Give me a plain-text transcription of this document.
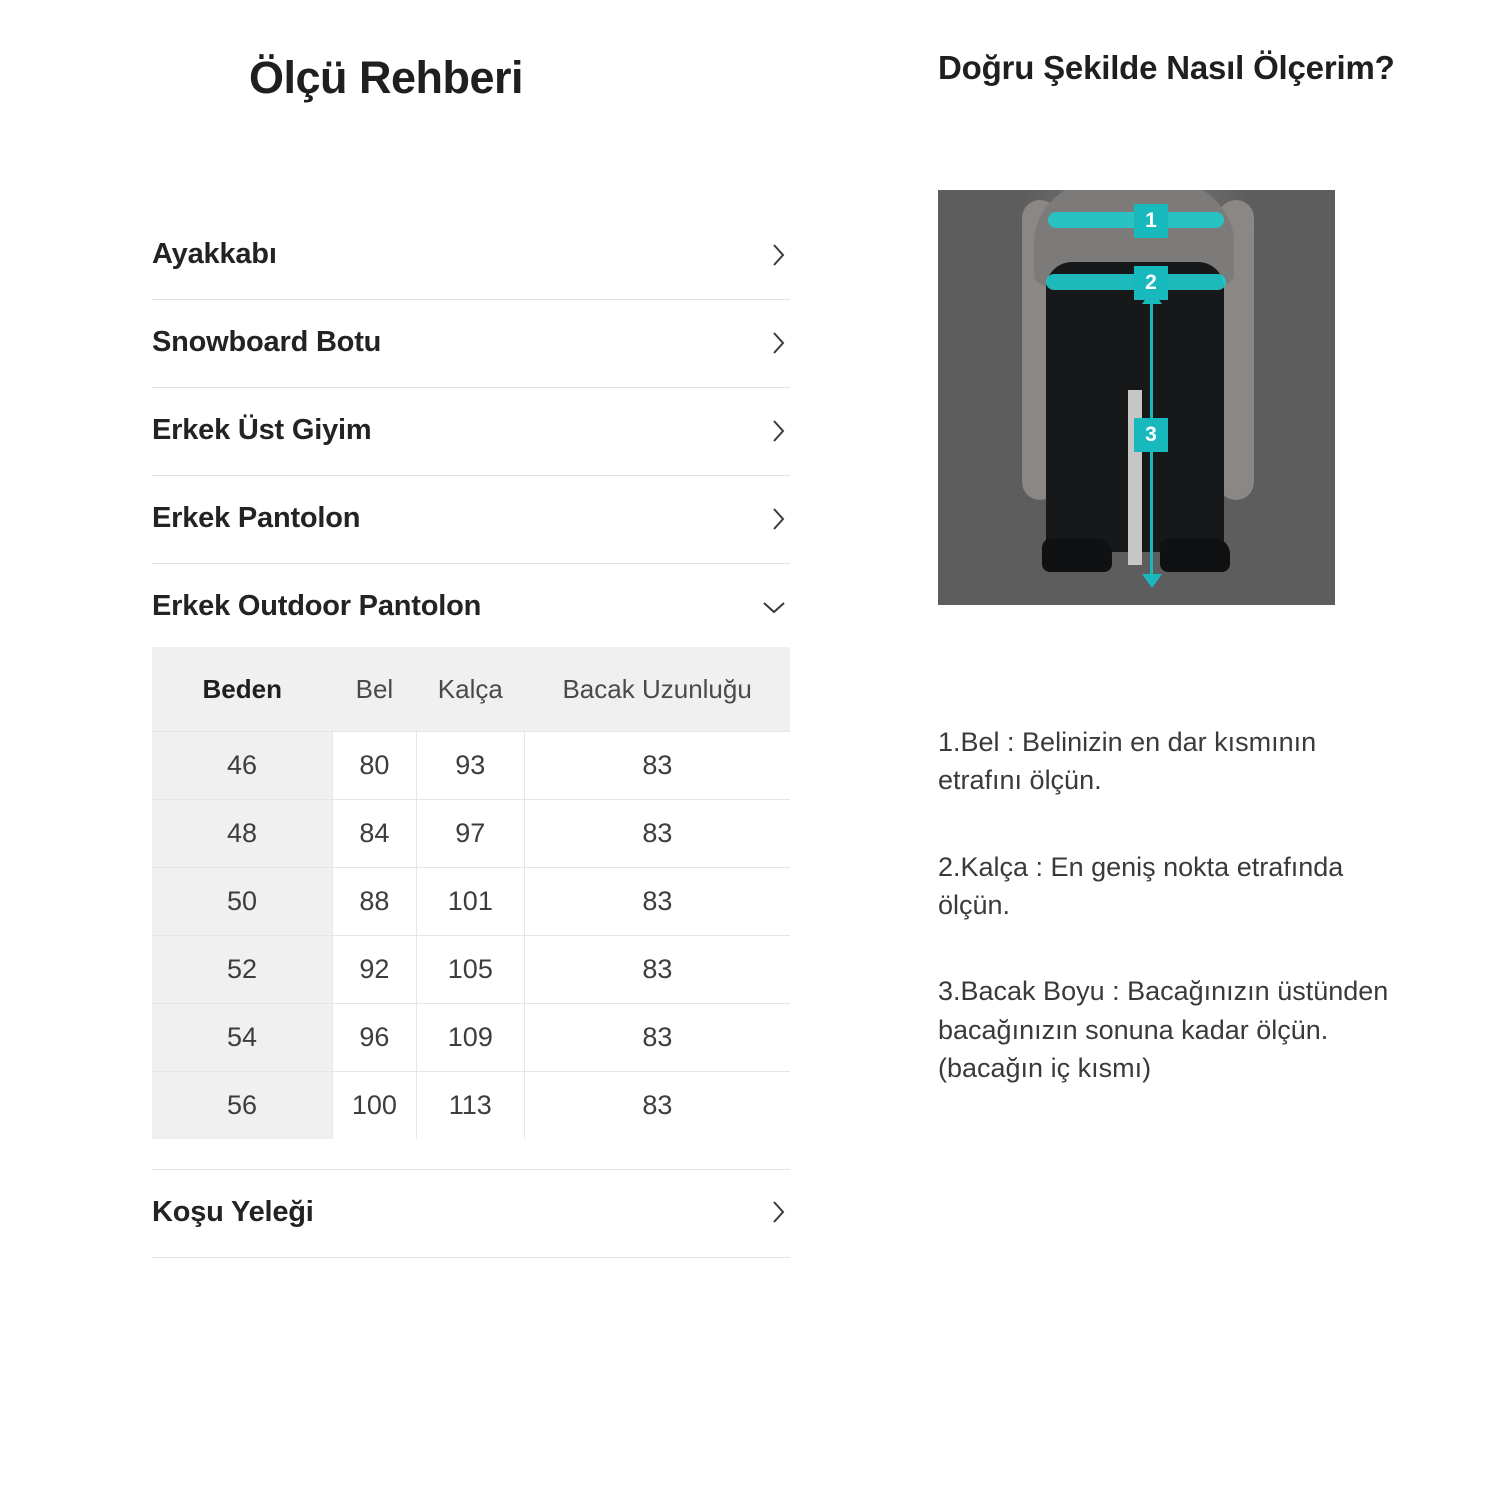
Ölçü Rehberi
Ayakkabı
Snowboard Botu
Erkek Üst Giyim
Erkek Pantolon
Erkek Outdoor Pantolon
Beden	Bel	Kalça	Bacak Uzunluğu
46	80	93	83
48	84	97	83
50	88	101	83
52	92	105	83
54	96	109	83
56	100	113	83
Koşu Yeleği
Doğru Şekilde Nasıl Ölçerim?
1
2
3

1.Bel : Belinizin en dar kısmının etrafını ölçün.

2.Kalça : En geniş nokta etrafında ölçün.

3.Bacak Boyu : Bacağınızın üstünden bacağınızın sonuna kadar ölçün. (bacağın iç kısmı)
